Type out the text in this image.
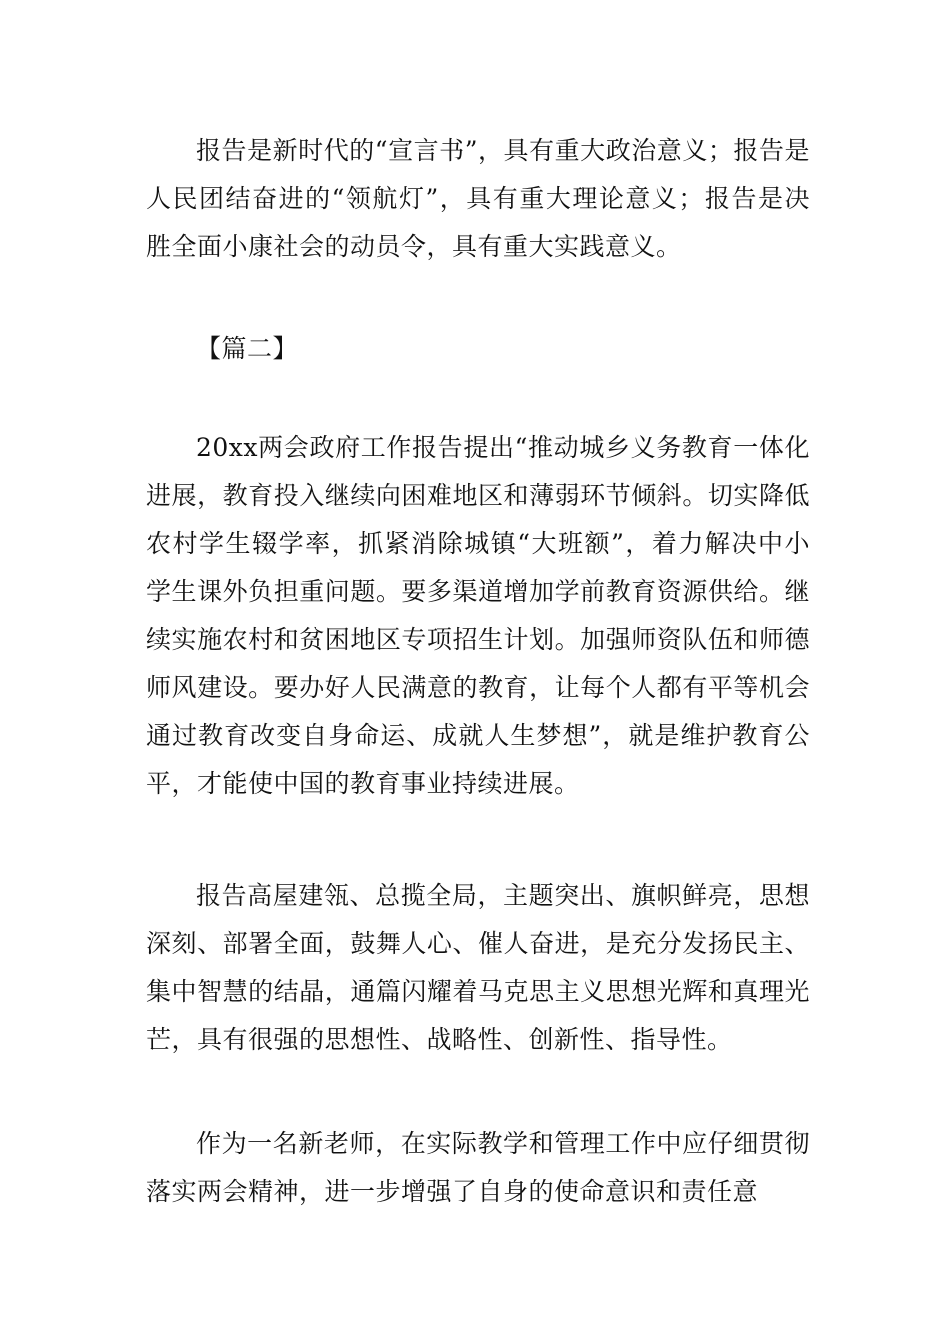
报告是新时代的“宣言书”，具有重大政治意义；报告是人民团结奋进的“领航灯”，具有重大理论意义；报告是决胜全面小康社会的动员令，具有重大实践意义。

【篇二】

20xx两会政府工作报告提出“推动城乡义务教育一体化进展，教育投入继续向困难地区和薄弱环节倾斜。切实降低农村学生辍学率，抓紧消除城镇“大班额”，着力解决中小学生课外负担重问题。要多渠道增加学前教育资源供给。继续实施农村和贫困地区专项招生计划。加强师资队伍和师德师风建设。要办好人民满意的教育，让每个人都有平等机会通过教育改变自身命运、成就人生梦想”，就是维护教育公平，才能使中国的教育事业持续进展。

报告高屋建瓴、总揽全局，主题突出、旗帜鲜亮，思想深刻、部署全面，鼓舞人心、催人奋进，是充分发扬民主、集中智慧的结晶，通篇闪耀着马克思主义思想光辉和真理光芒，具有很强的思想性、战略性、创新性、指导性。

作为一名新老师，在实际教学和管理工作中应仔细贯彻落实两会精神，进一步增强了自身的使命意识和责任意
